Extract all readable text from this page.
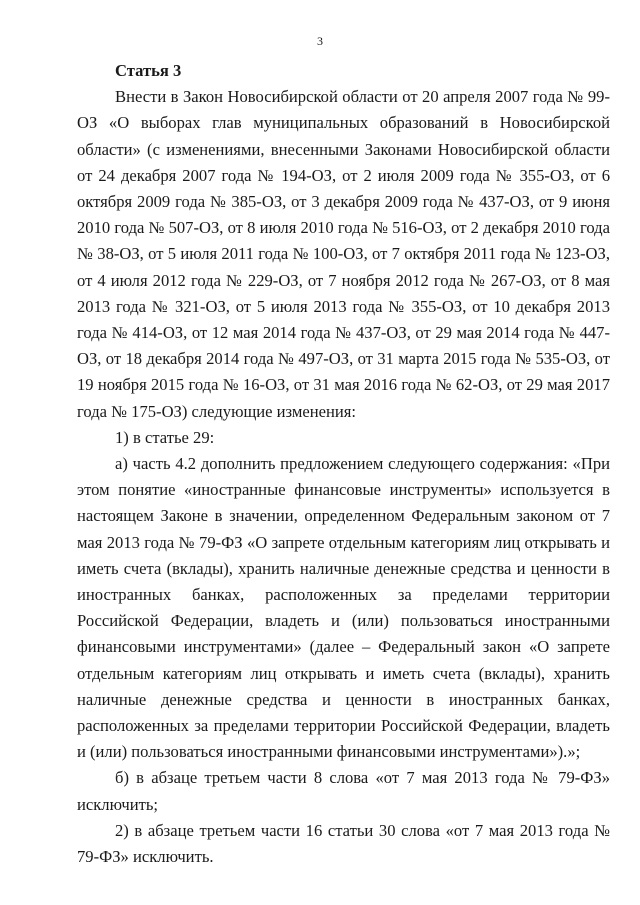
3

Статья 3

Внести в Закон Новосибирской области от 20 апреля 2007 года № 99-ОЗ «О выборах глав муниципальных образований в Новосибирской области» (с изменениями, внесенными Законами Новосибирской области от 24 декабря 2007 года № 194-ОЗ, от 2 июля 2009 года № 355-ОЗ, от 6 октября 2009 года № 385-ОЗ, от 3 декабря 2009 года № 437-ОЗ, от 9 июня 2010 года № 507-ОЗ, от 8 июля 2010 года № 516-ОЗ, от 2 декабря 2010 года № 38-ОЗ, от 5 июля 2011 года № 100-ОЗ, от 7 октября 2011 года № 123-ОЗ, от 4 июля 2012 года № 229-ОЗ, от 7 ноября 2012 года № 267-ОЗ, от 8 мая 2013 года № 321-ОЗ, от 5 июля 2013 года № 355-ОЗ, от 10 декабря 2013 года № 414-ОЗ, от 12 мая 2014 года № 437-ОЗ, от 29 мая 2014 года № 447-ОЗ, от 18 декабря 2014 года № 497-ОЗ, от 31 марта 2015 года № 535-ОЗ, от 19 ноября 2015 года № 16-ОЗ, от 31 мая 2016 года № 62-ОЗ, от 29 мая 2017 года № 175-ОЗ) следующие изменения:

1) в статье 29:

а) часть 4.2 дополнить предложением следующего содержания: «При этом понятие «иностранные финансовые инструменты» используется в настоящем Законе в значении, определенном Федеральным законом от 7 мая 2013 года № 79-ФЗ «О запрете отдельным категориям лиц открывать и иметь счета (вклады), хранить наличные денежные средства и ценности в иностранных банках, расположенных за пределами территории Российской Федерации, владеть и (или) пользоваться иностранными финансовыми инструментами» (далее – Федеральный закон «О запрете отдельным категориям лиц открывать и иметь счета (вклады), хранить наличные денежные средства и ценности в иностранных банках, расположенных за пределами территории Российской Федерации, владеть и (или) пользоваться иностранными финансовыми инструментами»).»;

б) в абзаце третьем части 8 слова «от 7 мая 2013 года № 79-ФЗ» исключить;

2) в абзаце третьем части 16 статьи 30 слова «от 7 мая 2013 года № 79-ФЗ» исключить.
